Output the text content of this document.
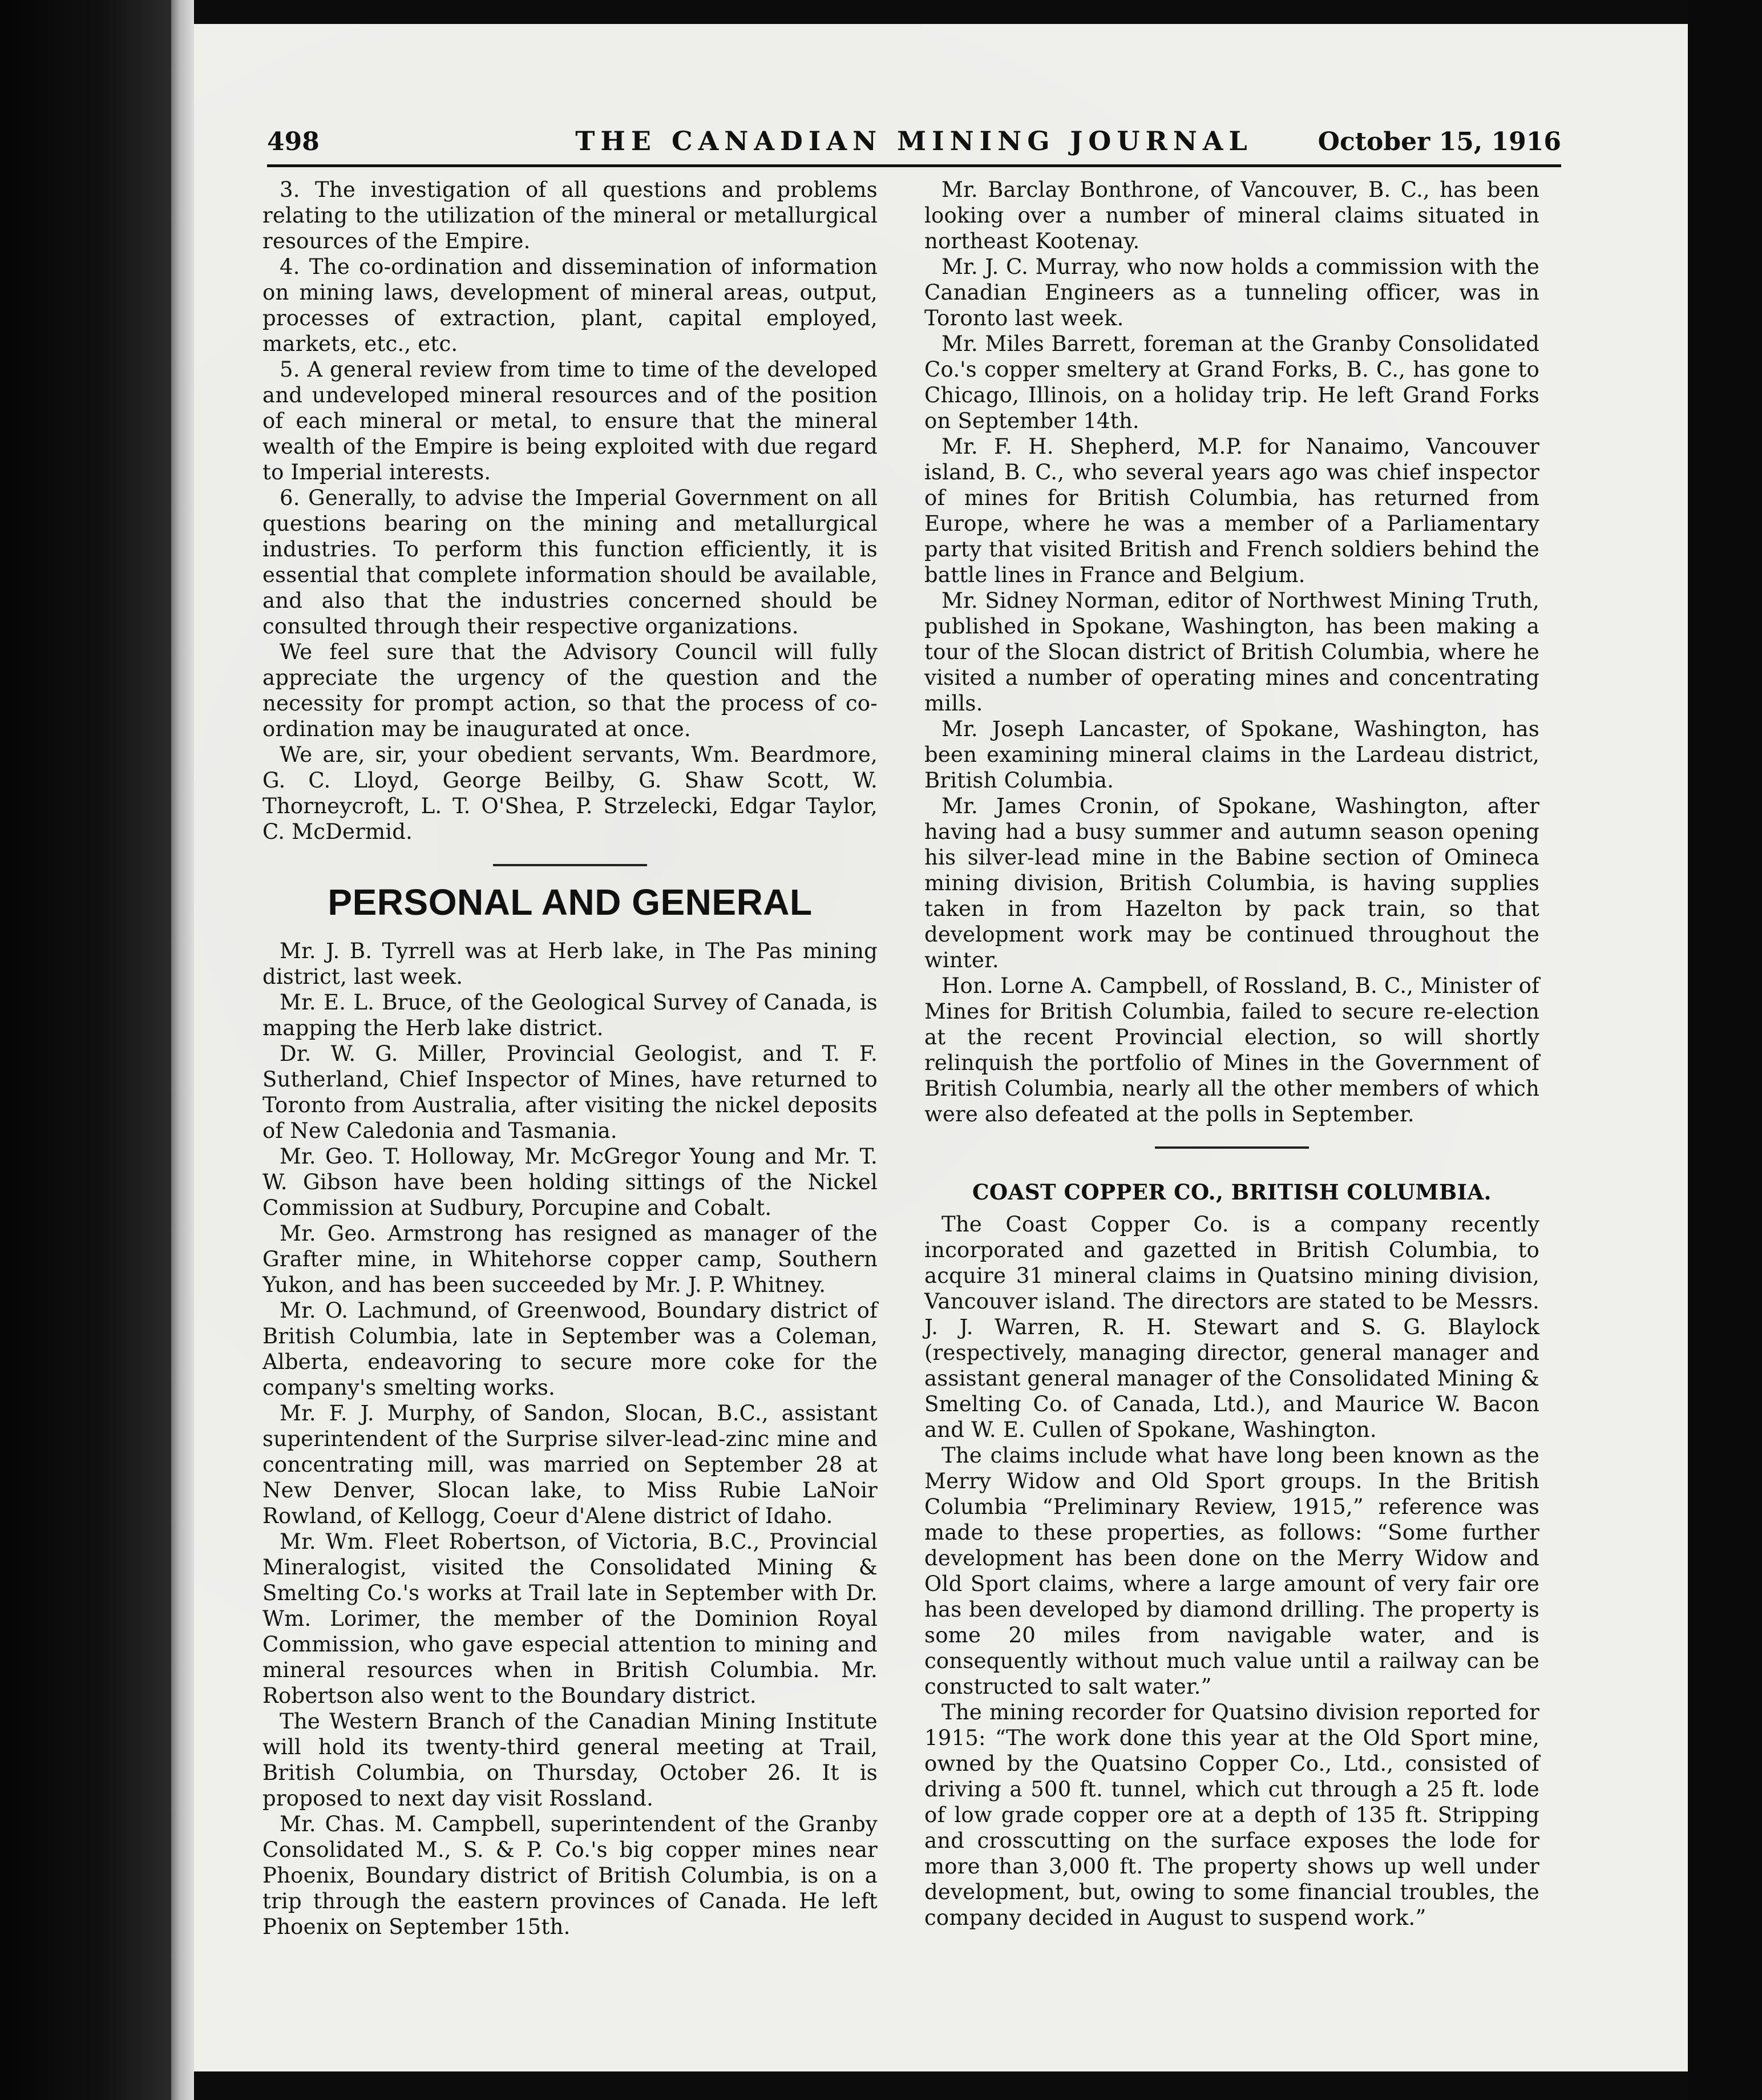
498	THE CANADIAN MINING JOURNAL	October 15, 1916

3. The investigation of all questions and problems relating to the utilization of the mineral or metallurgical resources of the Empire.

4. The co-ordination and dissemination of information on mining laws, development of mineral areas, output, processes of extraction, plant, capital employed, markets, etc., etc.

5. A general review from time to time of the developed and undeveloped mineral resources and of the position of each mineral or metal, to ensure that the mineral wealth of the Empire is being exploited with due regard to Imperial interests.

6. Generally, to advise the Imperial Government on all questions bearing on the mining and metallurgical industries. To perform this function efficiently, it is essential that complete information should be available, and also that the industries concerned should be consulted through their respective organizations.

We feel sure that the Advisory Council will fully appreciate the urgency of the question and the necessity for prompt action, so that the process of co-ordination may be inaugurated at once.

We are, sir, your obedient servants, Wm. Beardmore, G. C. Lloyd, George Beilby, G. Shaw Scott, W. Thorneycroft, L. T. O'Shea, P. Strzelecki, Edgar Taylor, C. McDermid.

PERSONAL AND GENERAL

Mr. J. B. Tyrrell was at Herb lake, in The Pas mining district, last week.

Mr. E. L. Bruce, of the Geological Survey of Canada, is mapping the Herb lake district.

Dr. W. G. Miller, Provincial Geologist, and T. F. Sutherland, Chief Inspector of Mines, have returned to Toronto from Australia, after visiting the nickel deposits of New Caledonia and Tasmania.

Mr. Geo. T. Holloway, Mr. McGregor Young and Mr. T. W. Gibson have been holding sittings of the Nickel Commission at Sudbury, Porcupine and Cobalt.

Mr. Geo. Armstrong has resigned as manager of the Grafter mine, in Whitehorse copper camp, Southern Yukon, and has been succeeded by Mr. J. P. Whitney.

Mr. O. Lachmund, of Greenwood, Boundary district of British Columbia, late in September was a Coleman, Alberta, endeavoring to secure more coke for the company's smelting works.

Mr. F. J. Murphy, of Sandon, Slocan, B.C., assistant superintendent of the Surprise silver-lead-zinc mine and concentrating mill, was married on September 28 at New Denver, Slocan lake, to Miss Rubie LaNoir Rowland, of Kellogg, Coeur d'Alene district of Idaho.

Mr. Wm. Fleet Robertson, of Victoria, B.C., Provincial Mineralogist, visited the Consolidated Mining & Smelting Co.'s works at Trail late in September with Dr. Wm. Lorimer, the member of the Dominion Royal Commission, who gave especial attention to mining and mineral resources when in British Columbia. Mr. Robertson also went to the Boundary district.

The Western Branch of the Canadian Mining Institute will hold its twenty-third general meeting at Trail, British Columbia, on Thursday, October 26. It is proposed to next day visit Rossland.

Mr. Chas. M. Campbell, superintendent of the Granby Consolidated M., S. & P. Co.'s big copper mines near Phoenix, Boundary district of British Columbia, is on a trip through the eastern provinces of Canada. He left Phoenix on September 15th.

Mr. Barclay Bonthrone, of Vancouver, B. C., has been looking over a number of mineral claims situated in northeast Kootenay.

Mr. J. C. Murray, who now holds a commission with the Canadian Engineers as a tunneling officer, was in Toronto last week.

Mr. Miles Barrett, foreman at the Granby Consolidated Co.'s copper smeltery at Grand Forks, B. C., has gone to Chicago, Illinois, on a holiday trip. He left Grand Forks on September 14th.

Mr. F. H. Shepherd, M.P. for Nanaimo, Vancouver island, B. C., who several years ago was chief inspector of mines for British Columbia, has returned from Europe, where he was a member of a Parliamentary party that visited British and French soldiers behind the battle lines in France and Belgium.

Mr. Sidney Norman, editor of Northwest Mining Truth, published in Spokane, Washington, has been making a tour of the Slocan district of British Columbia, where he visited a number of operating mines and concentrating mills.

Mr. Joseph Lancaster, of Spokane, Washington, has been examining mineral claims in the Lardeau district, British Columbia.

Mr. James Cronin, of Spokane, Washington, after having had a busy summer and autumn season opening his silver-lead mine in the Babine section of Omineca mining division, British Columbia, is having supplies taken in from Hazelton by pack train, so that development work may be continued throughout the winter.

Hon. Lorne A. Campbell, of Rossland, B. C., Minister of Mines for British Columbia, failed to secure re-election at the recent Provincial election, so will shortly relinquish the portfolio of Mines in the Government of British Columbia, nearly all the other members of which were also defeated at the polls in September.

COAST COPPER CO., BRITISH COLUMBIA.

The Coast Copper Co. is a company recently incorporated and gazetted in British Columbia, to acquire 31 mineral claims in Quatsino mining division, Vancouver island. The directors are stated to be Messrs. J. J. Warren, R. H. Stewart and S. G. Blaylock (respectively, managing director, general manager and assistant general manager of the Consolidated Mining & Smelting Co. of Canada, Ltd.), and Maurice W. Bacon and W. E. Cullen of Spokane, Washington.

The claims include what have long been known as the Merry Widow and Old Sport groups. In the British Columbia “Preliminary Review, 1915,” reference was made to these properties, as follows: “Some further development has been done on the Merry Widow and Old Sport claims, where a large amount of very fair ore has been developed by diamond drilling. The property is some 20 miles from navigable water, and is consequently without much value until a railway can be constructed to salt water.”

The mining recorder for Quatsino division reported for 1915: “The work done this year at the Old Sport mine, owned by the Quatsino Copper Co., Ltd., consisted of driving a 500 ft. tunnel, which cut through a 25 ft. lode of low grade copper ore at a depth of 135 ft. Stripping and crosscutting on the surface exposes the lode for more than 3,000 ft. The property shows up well under development, but, owing to some financial troubles, the company decided in August to suspend work.”
